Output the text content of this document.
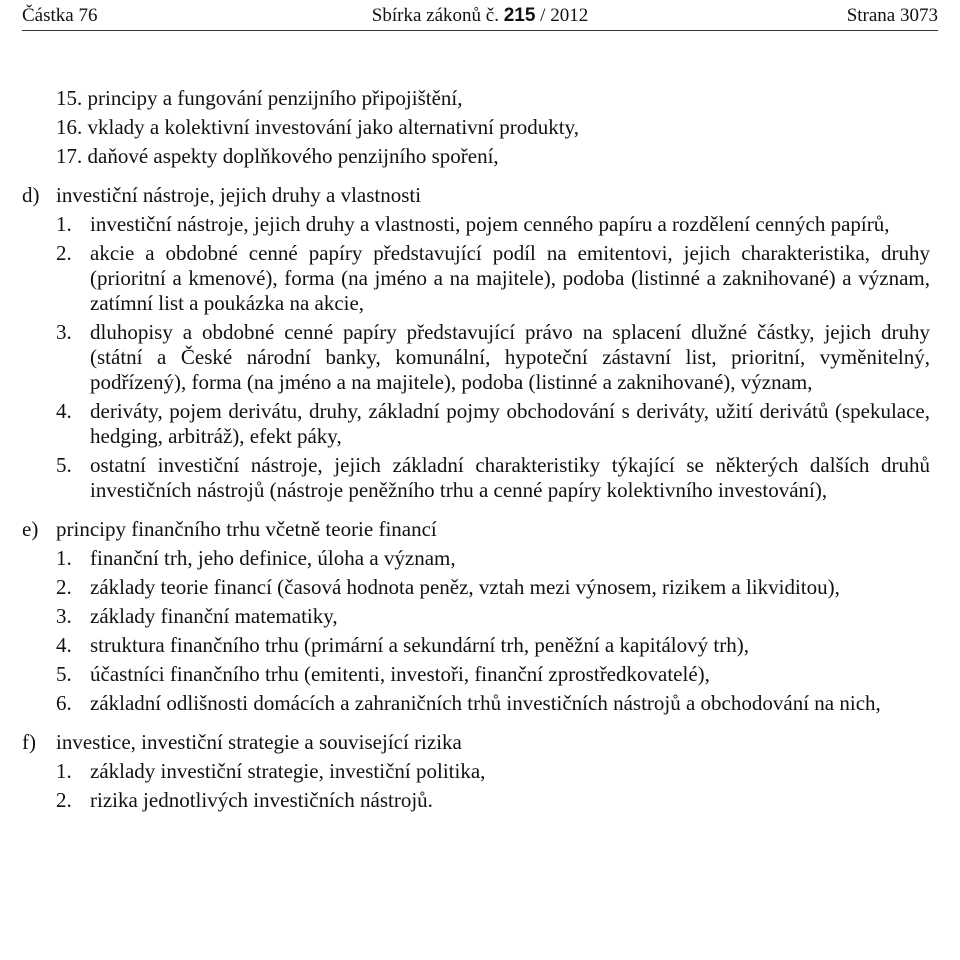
Částka 76	Sbírka zákonů č. 215 / 2012	Strana 3073
15. principy a fungování penzijního připojištění,
16. vklady a kolektivní investování jako alternativní produkty,
17. daňové aspekty doplňkového penzijního spoření,
d) investiční nástroje, jejich druhy a vlastnosti
1. investiční nástroje, jejich druhy a vlastnosti, pojem cenného papíru a rozdělení cenných papírů,
2. akcie a obdobné cenné papíry představující podíl na emitentovi, jejich charakteristika, druhy (prioritní a kmenové), forma (na jméno a na majitele), podoba (listinné a zaknihované) a význam, zatímní list a poukázka na akcie,
3. dluhopisy a obdobné cenné papíry představující právo na splacení dlužné částky, jejich druhy (státní a České národní banky, komunální, hypoteční zástavní list, prioritní, vyměnitelný, podřízený), forma (na jméno a na majitele), podoba (listinné a zaknihované), význam,
4. deriváty, pojem derivátu, druhy, základní pojmy obchodování s deriváty, užití derivátů (spekulace, hedging, arbitráž), efekt páky,
5. ostatní investiční nástroje, jejich základní charakteristiky týkající se některých dalších druhů investičních nástrojů (nástroje peněžního trhu a cenné papíry kolektivního investování),
e) principy finančního trhu včetně teorie financí
1. finanční trh, jeho definice, úloha a význam,
2. základy teorie financí (časová hodnota peněz, vztah mezi výnosem, rizikem a likviditou),
3. základy finanční matematiky,
4. struktura finančního trhu (primární a sekundární trh, peněžní a kapitálový trh),
5. účastníci finančního trhu (emitenti, investoři, finanční zprostředkovatelé),
6. základní odlišnosti domácích a zahraničních trhů investičních nástrojů a obchodování na nich,
f) investice, investiční strategie a související rizika
1. základy investiční strategie, investiční politika,
2. rizika jednotlivých investičních nástrojů.
